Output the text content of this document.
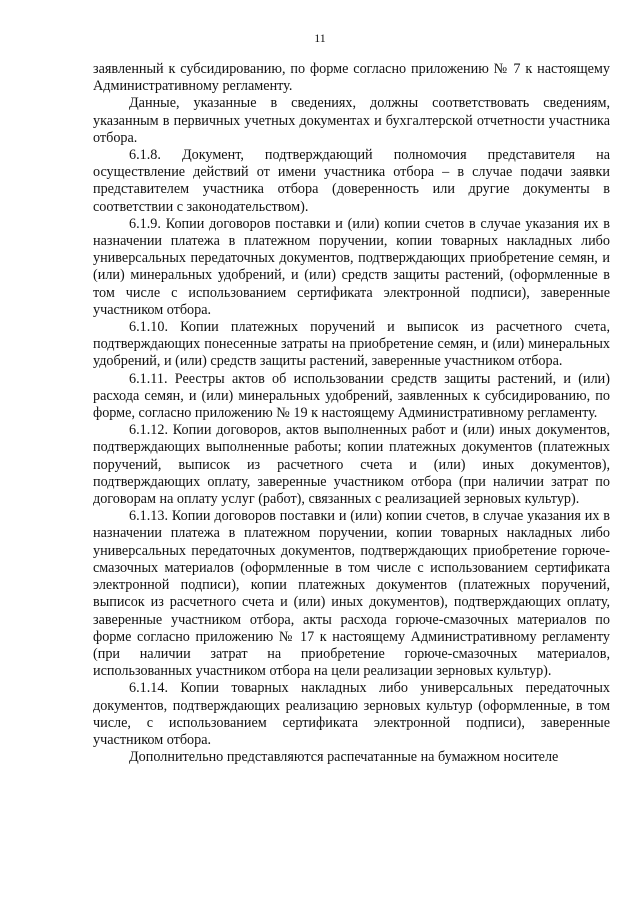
11

заявленный к субсидированию, по форме согласно приложению № 7 к настоящему Административному регламенту.

Данные, указанные в сведениях, должны соответствовать сведениям, указанным в первичных учетных документах и бухгалтерской отчетности участника отбора.

6.1.8. Документ, подтверждающий полномочия представителя на осуществление действий от имени участника отбора – в случае подачи заявки представителем участника отбора (доверенность или другие документы в соответствии с законодательством).

6.1.9. Копии договоров поставки и (или) копии счетов в случае указания их в назначении платежа в платежном поручении, копии товарных накладных либо универсальных передаточных документов, подтверждающих приобретение семян, и (или) минеральных удобрений, и (или) средств защиты растений, (оформленные в том числе с использованием сертификата электронной подписи), заверенные участником отбора.

6.1.10. Копии платежных поручений и выписок из расчетного счета, подтверждающих понесенные затраты на приобретение семян, и (или) минеральных удобрений, и (или) средств защиты растений, заверенные участником отбора.

6.1.11. Реестры актов об использовании средств защиты растений, и (или) расхода семян, и (или) минеральных удобрений, заявленных к субсидированию, по форме, согласно приложению № 19 к настоящему Административному регламенту.

6.1.12. Копии договоров, актов выполненных работ и (или) иных документов, подтверждающих выполненные работы; копии платежных документов (платежных поручений, выписок из расчетного счета и (или) иных документов), подтверждающих оплату, заверенные участником отбора (при наличии затрат по договорам на оплату услуг (работ), связанных с реализацией зерновых культур).

6.1.13. Копии договоров поставки и (или) копии счетов, в случае указания их в назначении платежа в платежном поручении, копии товарных накладных либо универсальных передаточных документов, подтверждающих приобретение горюче-смазочных материалов (оформленные в том числе с использованием сертификата электронной подписи), копии платежных документов (платежных поручений, выписок из расчетного счета и (или) иных документов), подтверждающих оплату, заверенные участником отбора, акты расхода горюче-смазочных материалов по форме согласно приложению № 17 к настоящему Административному регламенту (при наличии затрат на приобретение горюче-смазочных материалов, использованных участником отбора на цели реализации зерновых культур).

6.1.14. Копии товарных накладных либо универсальных передаточных документов, подтверждающих реализацию зерновых культур (оформленные, в том числе, с использованием сертификата электронной подписи), заверенные участником отбора.

Дополнительно представляются распечатанные на бумажном носителе
